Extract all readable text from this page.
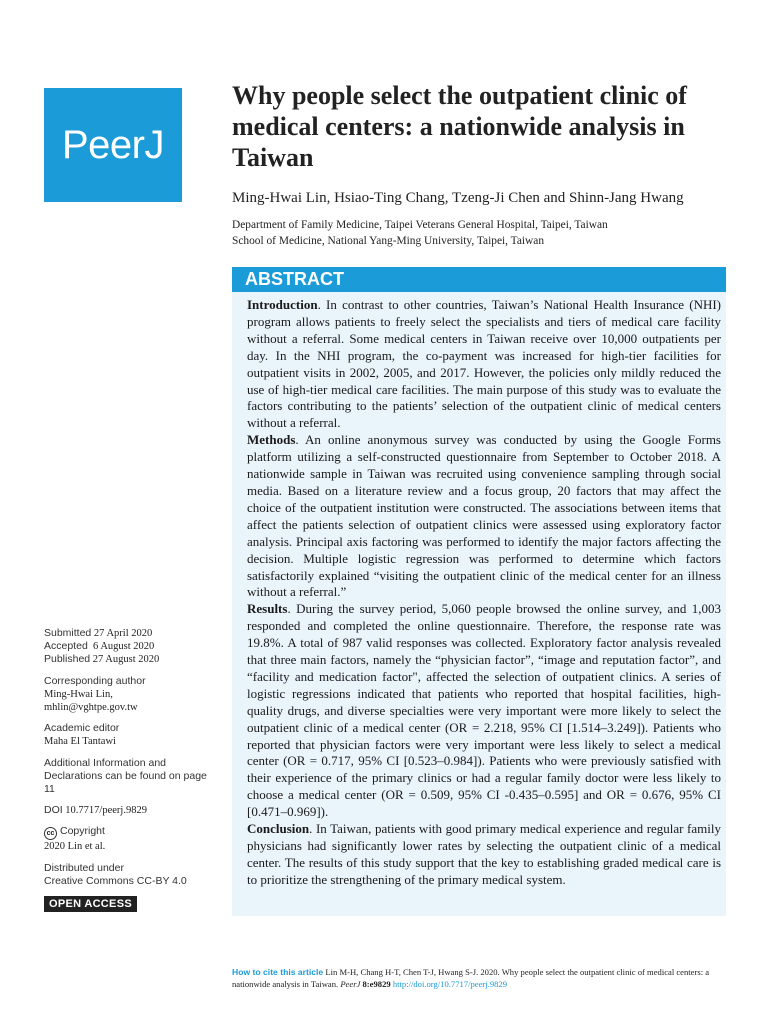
PeerJ
Why people select the outpatient clinic of medical centers: a nationwide analysis in Taiwan
Ming-Hwai Lin, Hsiao-Ting Chang, Tzeng-Ji Chen and Shinn-Jang Hwang
Department of Family Medicine, Taipei Veterans General Hospital, Taipei, Taiwan
School of Medicine, National Yang-Ming University, Taipei, Taiwan
ABSTRACT

Introduction. In contrast to other countries, Taiwan’s National Health Insurance (NHI) program allows patients to freely select the specialists and tiers of medical care facility without a referral. Some medical centers in Taiwan receive over 10,000 outpatients per day. In the NHI program, the co-payment was increased for high-tier facilities for outpatient visits in 2002, 2005, and 2017. However, the policies only mildly reduced the use of high-tier medical care facilities. The main purpose of this study was to evaluate the factors contributing to the patients’ selection of the outpatient clinic of medical centers without a referral.

Methods. An online anonymous survey was conducted by using the Google Forms platform utilizing a self-constructed questionnaire from September to October 2018. A nationwide sample in Taiwan was recruited using convenience sampling through social media. Based on a literature review and a focus group, 20 factors that may affect the choice of the outpatient institution were constructed. The associations between items that affect the patients selection of outpatient clinics were assessed using exploratory factor analysis. Principal axis factoring was performed to identify the major factors affecting the decision. Multiple logistic regression was performed to determine which factors satisfactorily explained “visiting the outpatient clinic of the medical center for an illness without a referral.”

Results. During the survey period, 5,060 people browsed the online survey, and 1,003 responded and completed the online questionnaire. Therefore, the response rate was 19.8%. A total of 987 valid responses was collected. Exploratory factor analysis revealed that three main factors, namely the “physician factor”, “image and reputation factor”, and “facility and medication factor", affected the selection of outpatient clinics. A series of logistic regressions indicated that patients who reported that hospital facilities, high-quality drugs, and diverse specialties were very important were more likely to select the outpatient clinic of a medical center (OR = 2.218, 95% CI [1.514–3.249]). Patients who reported that physician factors were very important were less likely to select a medical center (OR = 0.717, 95% CI [0.523–0.984]). Patients who were previously satisfied with their experience of the primary clinics or had a regular family doctor were less likely to choose a medical center (OR = 0.509, 95% CI -0.435–0.595] and OR = 0.676, 95% CI [0.471–0.969]).

Conclusion. In Taiwan, patients with good primary medical experience and regular family physicians had significantly lower rates by selecting the outpatient clinic of a medical center. The results of this study support that the key to establishing graded medical care is to prioritize the strengthening of the primary medical system.

Submitted 27 April 2020
Accepted 6 August 2020
Published 27 August 2020
Corresponding author
Ming-Hwai Lin,
mhlin@vghtpe.gov.tw
Academic editor
Maha El Tantawi
Additional Information and Declarations can be found on page 11
DOI 10.7717/peerj.9829
cc Copyright
2020 Lin et al.
Distributed under
Creative Commons CC-BY 4.0
OPEN ACCESS
How to cite this article Lin M-H, Chang H-T, Chen T-J, Hwang S-J. 2020. Why people select the outpatient clinic of medical centers: a nationwide analysis in Taiwan. PeerJ 8:e9829 http://doi.org/10.7717/peerj.9829
